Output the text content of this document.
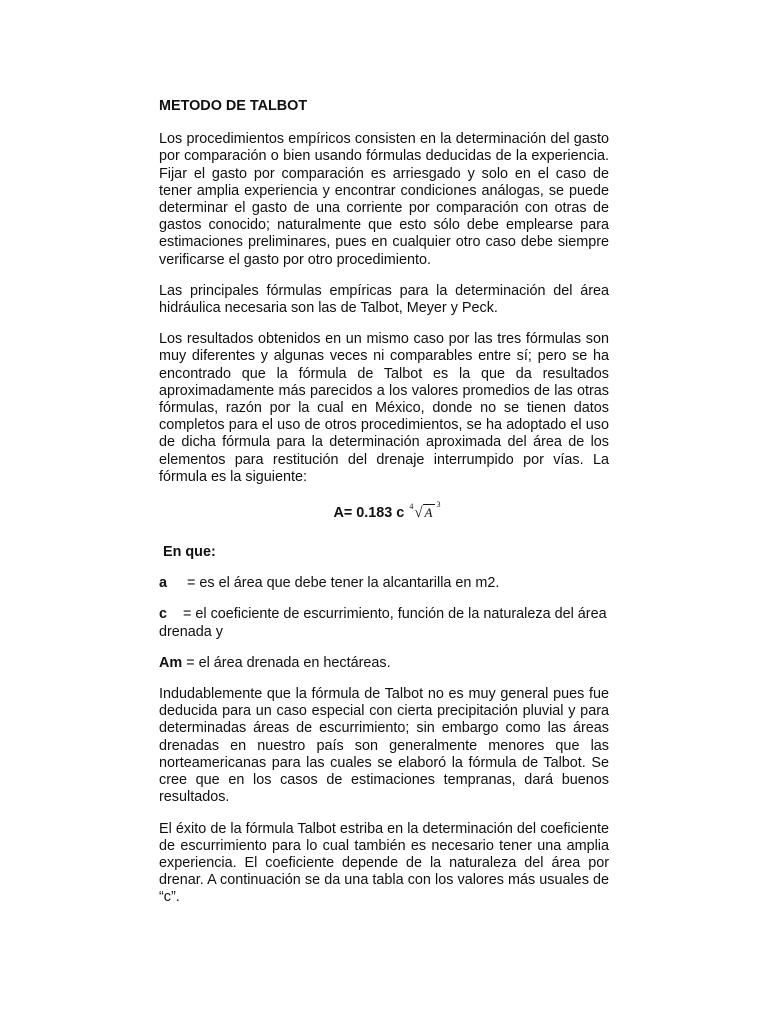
METODO DE TALBOT

Los procedimientos empíricos consisten en la determinación del gasto por comparación o bien usando fórmulas deducidas de la experiencia. Fijar el gasto por comparación es arriesgado y solo en el caso de tener amplia experiencia y encontrar condiciones análogas, se puede determinar el gasto de una corriente por comparación con otras de gastos conocido; naturalmente que esto sólo debe emplearse para estimaciones preliminares, pues en cualquier otro caso debe siempre verificarse el gasto por otro procedimiento.

Las principales fórmulas empíricas para la determinación del área hidráulica necesaria son las de Talbot, Meyer y Peck.

Los resultados obtenidos en un mismo caso por las tres fórmulas son muy diferentes y algunas veces ni comparables entre sí; pero se ha encontrado que la fórmula de Talbot es la que da resultados aproximadamente más parecidos a los valores promedios de las otras fórmulas, razón por la cual en México, donde no se tienen datos completos para el uso de otros procedimientos, se ha adoptado el uso de dicha fórmula para la determinación aproximada del área de los elementos para restitución del drenaje interrumpido por vías. La fórmula es la siguiente:

A= 0.183 c 4 √ A
3
En que:

a = es el área que debe tener la alcantarilla en m2.

c = el coeficiente de escurrimiento, función de la naturaleza del área drenada y

Am = el área drenada en hectáreas.

Indudablemente que la fórmula de Talbot no es muy general pues fue deducida para un caso especial con cierta precipitación pluvial y para determinadas áreas de escurrimiento; sin embargo como las áreas drenadas en nuestro país son generalmente menores que las norteamericanas para las cuales se elaboró la fórmula de Talbot. Se cree que en los casos de estimaciones tempranas, dará buenos resultados.

El éxito de la fórmula Talbot estriba en la determinación del coeficiente de escurrimiento para lo cual también es necesario tener una amplia experiencia. El coeficiente depende de la naturaleza del área por drenar. A continuación se da una tabla con los valores más usuales de “c”.
